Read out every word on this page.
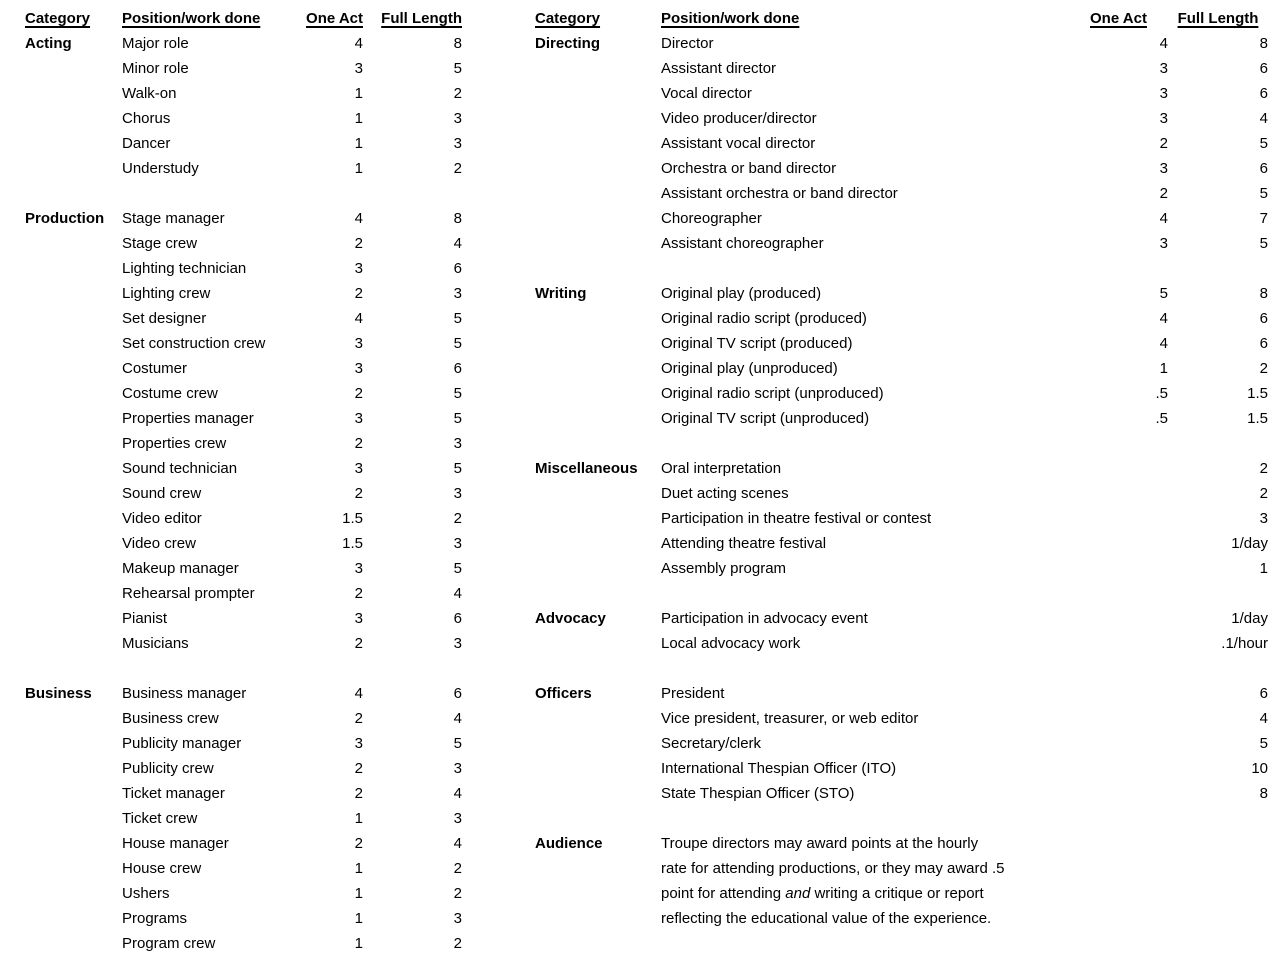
Category	Position/work done	One Act	Full Length
Acting	Major role	4	8
	Minor role	3	5
	Walk-on	1	2
	Chorus	1	3
	Dancer	1	3
	Understudy	1	2

Production	Stage manager	4	8
	Stage crew	2	4
	Lighting technician	3	6
	Lighting crew	2	3
	Set designer	4	5
	Set construction crew	3	5
	Costumer	3	6
	Costume crew	2	5
	Properties manager	3	5
	Properties crew	2	3
	Sound technician	3	5
	Sound crew	2	3
	Video editor	1.5	2
	Video crew	1.5	3
	Makeup manager	3	5
	Rehearsal prompter	2	4
	Pianist	3	6
	Musicians	2	3

Business	Business manager	4	6
	Business crew	2	4
	Publicity manager	3	5
	Publicity crew	2	3
	Ticket manager	2	4
	Ticket crew	1	3
	House manager	2	4
	House crew	1	2
	Ushers	1	2
	Programs	1	3
	Program crew	1	2
Category	Position/work done	One Act	Full Length
Directing	Director	4	8
	Assistant director	3	6
	Vocal director	3	6
	Video producer/director	3	4
	Assistant vocal director	2	5
	Orchestra or band director	3	6
	Assistant orchestra or band director	2	5
	Choreographer	4	7
	Assistant choreographer	3	5

Writing	Original play (produced)	5	8
	Original radio script (produced)	4	6
	Original TV script (produced)	4	6
	Original play (unproduced)	1	2
	Original radio script (unproduced)	.5	1.5
	Original TV script (unproduced)	.5	1.5

Miscellaneous	Oral interpretation		2
	Duet acting scenes		2
	Participation in theatre festival or contest		3
	Attending theatre festival		1/day
	Assembly program		1

Advocacy	Participation in advocacy event		1/day
	Local advocacy work		.1/hour

Officers	President		6
	Vice president, treasurer, or web editor		4
	Secretary/clerk		5
	International Thespian Officer (ITO)		10
	State Thespian Officer (STO)		8

Audience	Troupe directors may award points at the hourly		
	rate for attending productions, or they may award .5		
	point for attending and writing a critique or report		
	reflecting the educational value of the experience.		
